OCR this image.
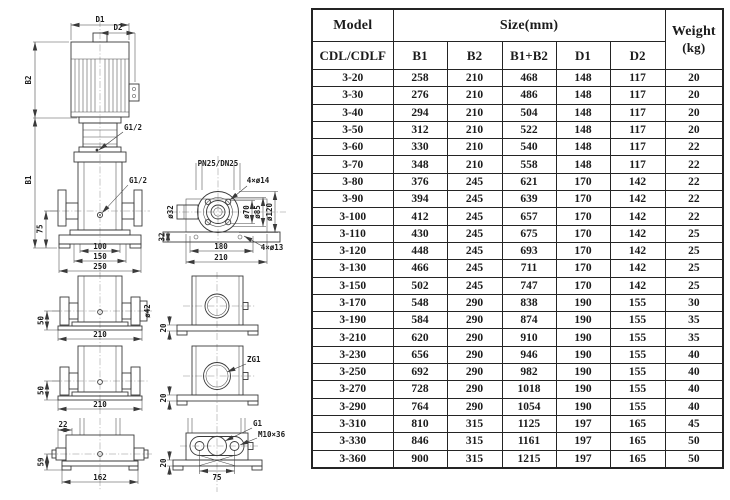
D1
D2
B2
B1
75
100
150
250
G1/2
G1/2
PN25/DN25
4×ø14
4×ø13
ø32	ø70 ø85 ø120
32
180
210
ø42
50
210
50
210
22
59
162
20
ZG1
20
G1
M10×36
75
20
Model	Size(mm)					Weight
(kg)

CDL/CDLF	B1	B2	B1+B2	D1	D2	
3-20	258	210	468	148	117	20
3-30	276	210	486	148	117	20
3-40	294	210	504	148	117	20
3-50	312	210	522	148	117	20
3-60	330	210	540	148	117	22
3-70	348	210	558	148	117	22
3-80	376	245	621	170	142	22
3-90	394	245	639	170	142	22
3-100	412	245	657	170	142	22
3-110	430	245	675	170	142	25
3-120	448	245	693	170	142	25
3-130	466	245	711	170	142	25
3-150	502	245	747	170	142	25
3-170	548	290	838	190	155	30
3-190	584	290	874	190	155	35
3-210	620	290	910	190	155	35
3-230	656	290	946	190	155	40
3-250	692	290	982	190	155	40
3-270	728	290	1018	190	155	40
3-290	764	290	1054	190	155	40
3-310	810	315	1125	197	165	45
3-330	846	315	1161	197	165	50
3-360	900	315	1215	197	165	50
